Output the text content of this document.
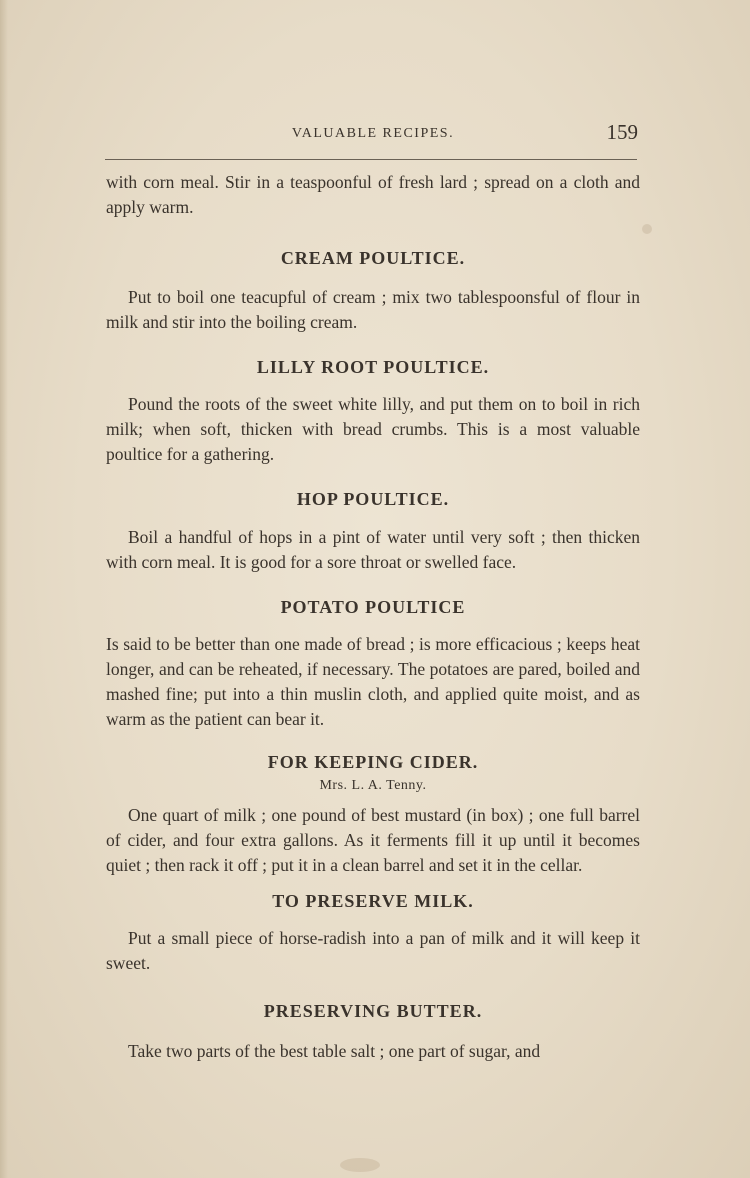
VALUABLE RECIPES.	159

with corn meal. Stir in a teaspoonful of fresh lard ; spread on a cloth and apply warm.

CREAM POULTICE.

Put to boil one teacupful of cream ; mix two tablespoonsful of flour in milk and stir into the boiling cream.

LILLY ROOT POULTICE.

Pound the roots of the sweet white lilly, and put them on to boil in rich milk; when soft, thicken with bread crumbs. This is a most valuable poultice for a gathering.

HOP POULTICE.

Boil a handful of hops in a pint of water until very soft ; then thicken with corn meal. It is good for a sore throat or swelled face.

POTATO POULTICE

Is said to be better than one made of bread ; is more efficacious ; keeps heat longer, and can be reheated, if necessary. The potatoes are pared, boiled and mashed fine; put into a thin muslin cloth, and applied quite moist, and as warm as the patient can bear it.

FOR KEEPING CIDER.

Mrs. L. A. Tenny.

One quart of milk ; one pound of best mustard (in box) ; one full barrel of cider, and four extra gallons. As it ferments fill it up until it becomes quiet ; then rack it off ; put it in a clean barrel and set it in the cellar.

TO PRESERVE MILK.

Put a small piece of horse-radish into a pan of milk and it will keep it sweet.

PRESERVING BUTTER.

Take two parts of the best table salt ; one part of sugar, and
